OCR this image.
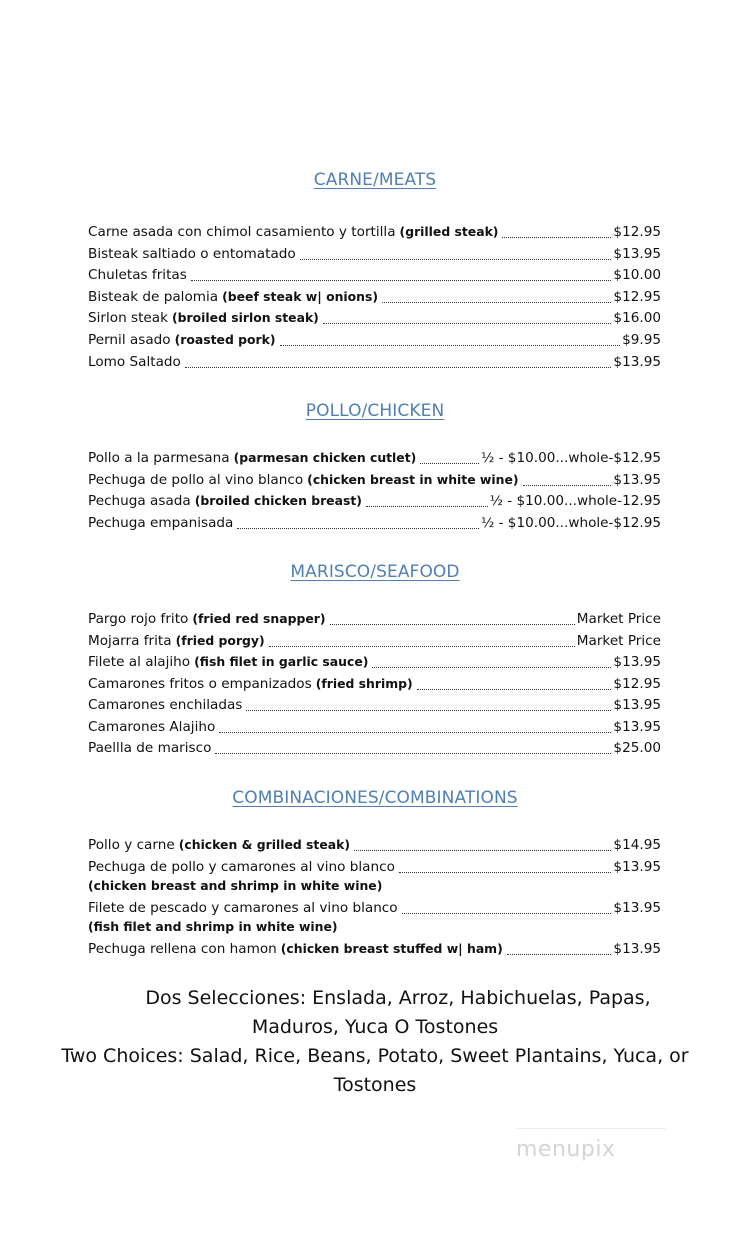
CARNE/MEATS
Carne asada con chimol casamiento y tortilla (grilled steak)	$12.95
Bisteak saltiado o entomatado	$13.95
Chuletas fritas	$10.00
Bisteak de palomia (beef steak w| onions)	$12.95
Sirlon steak (broiled sirlon steak)	$16.00
Pernil asado (roasted pork)	$9.95
Lomo Saltado	$13.95
POLLO/CHICKEN
Pollo a la parmesana (parmesan chicken cutlet)	½ - $10.00...whole-$12.95
Pechuga de pollo al vino blanco (chicken breast in white wine)	$13.95
Pechuga asada (broiled chicken breast)	½ - $10.00...whole-12.95
Pechuga empanisada	½ - $10.00...whole-$12.95
MARISCO/SEAFOOD
Pargo rojo frito (fried red snapper)	Market Price
Mojarra frita (fried porgy)	Market Price
Filete al alajiho (fish filet in garlic sauce)	$13.95
Camarones fritos o empanizados (fried shrimp)	$12.95
Camarones enchiladas	$13.95
Camarones Alajiho	$13.95
Paellla de marisco	$25.00
COMBINACIONES/COMBINATIONS
Pollo y carne (chicken & grilled steak)	$14.95
Pechuga de pollo y camarones al vino blanco	$13.95
(chicken breast and shrimp in white wine)
Filete de pescado y camarones al vino blanco	$13.95
(fish filet and shrimp in white wine)
Pechuga rellena con hamon (chicken breast stuffed w| ham)	$13.95
Dos Selecciones: Enslada, Arroz, Habichuelas, Papas,
Maduros, Yuca O Tostones
Two Choices: Salad, Rice, Beans, Potato, Sweet Plantains, Yuca, or
Tostones
menupix
